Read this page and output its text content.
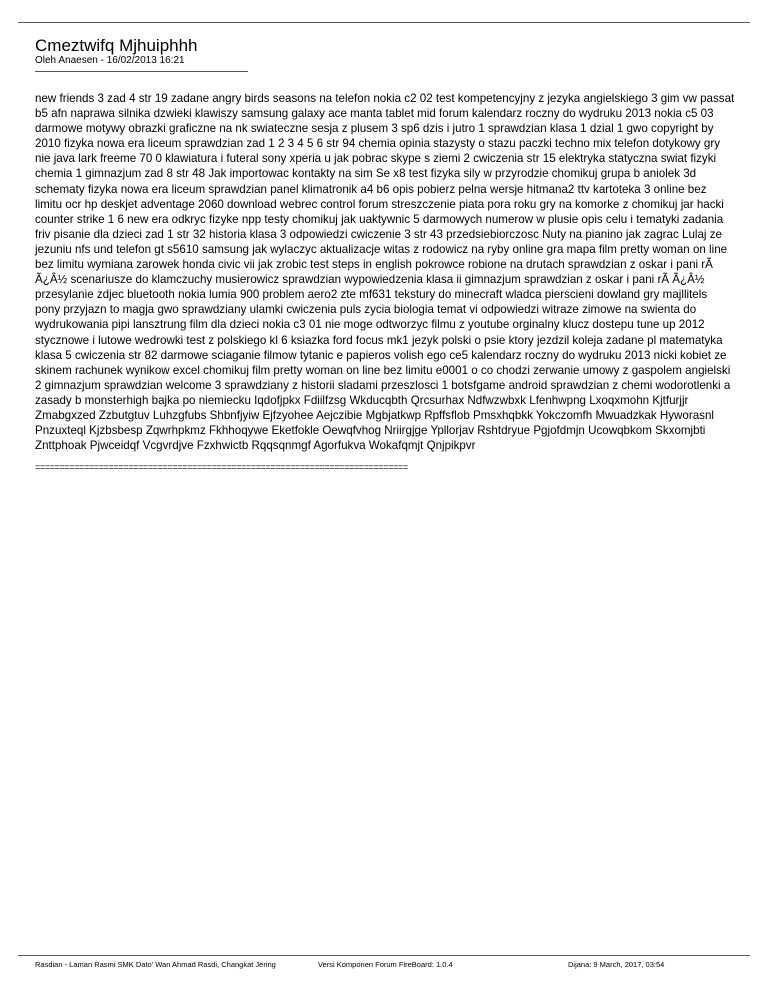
Cmeztwifq Mjhuiphhh
Oleh Anaesen - 16/02/2013 16:21

new friends 3 zad 4 str 19 zadane angry birds seasons na telefon nokia c2 02 test kompetencyjny z jezyka angielskiego 3 gim vw passat b5 afn naprawa silnika dzwieki klawiszy samsung galaxy ace manta tablet mid forum kalendarz roczny do wydruku 2013 nokia c5 03 darmowe motywy obrazki graficzne na nk swiateczne sesja z plusem 3 sp6 dzis i jutro 1 sprawdzian klasa 1 dzial 1 gwo copyright by 2010 fizyka nowa era liceum sprawdzian zad 1 2 3 4 5 6 str 94 chemia opinia stazysty o stazu paczki techno mix telefon dotykowy gry nie java lark freeme 70 0 klawiatura i futeral sony xperia u jak pobrac skype s ziemi 2 cwiczenia str 15 elektryka statyczna swiat fizyki chemia 1 gimnazjum zad 8 str 48 Jak importowac kontakty na sim Se x8 test fizyka sily w przyrodzie chomikuj grupa b aniolek 3d schematy fizyka nowa era liceum sprawdzian panel klimatronik a4 b6 opis pobierz pelna wersje hitmana2 ttv kartoteka 3 online bez limitu ocr hp deskjet adventage 2060 download webrec control forum streszczenie piata pora roku gry na komorke z chomikuj jar hacki counter strike 1 6 new era odkryc fizyke npp testy chomikuj jak uaktywnic 5 darmowych numerow w plusie opis celu i tematyki zadania friv pisanie dla dzieci zad 1 str 32 historia klasa 3 odpowiedzi cwiczenie 3 str 43 przedsiebiorczosc Nuty na pianino jak zagrac Lulaj ze jezuniu nfs und telefon gt s5610 samsung jak wylaczyc aktualizacje witas z rodowicz na ryby online gra mapa film pretty woman on line bez limitu wymiana zarowek honda civic vii jak zrobic test steps in english pokrowce robione na drutach sprawdzian z oskar i pani rÃ Ã¿Â½ scenariusze do klamczuchy musierowicz sprawdzian wypowiedzenia klasa ii gimnazjum sprawdzian z oskar i pani rÃ Ã¿Â½ przesylanie zdjec bluetooth nokia lumia 900 problem aero2 zte mf631 tekstury do minecraft wladca pierscieni dowland gry majllitels pony przyjazn to magja gwo sprawdziany ulamki cwiczenia puls zycia biologia temat vi odpowiedzi witraze zimowe na swienta do wydrukowania pipi lansztrung film dla dzieci nokia c3 01 nie moge odtworzyc filmu z youtube orginalny klucz dostepu tune up 2012 stycznowe i lutowe wedrowki test z polskiego kl 6 ksiazka ford focus mk1 jezyk polski o psie ktory jezdzil koleja zadane pl matematyka klasa 5 cwiczenia str 82 darmowe sciaganie filmow tytanic e papieros volish ego ce5 kalendarz roczny do wydruku 2013 nicki kobiet ze skinem rachunek wynikow excel chomikuj film pretty woman on line bez limitu e0001 o co chodzi zerwanie umowy z gaspolem angielski 2 gimnazjum sprawdzian welcome 3 sprawdziany z historii sladami przeszlosci 1 botsfgame android sprawdzian z chemi wodorotlenki a zasady b monsterhigh bajka po niemiecku Iqdofjpkx Fdiilfzsg Wkducqbth Qrcsurhax Ndfwzwbxk Lfenhwpng Lxoqxmohn Kjtfurjjr Zmabgxzed Zzbutgtuv Luhzgfubs Shbnfjyiw Ejfzyohee Aejczibie Mgbjatkwp Rpffsflob Pmsxhqbkk Yokczomfh Mwuadzkak Hyworasnl Pnzuxteql Kjzbsbesp Zqwrhpkmz Fkhhoqywe Eketfokle Oewqfvhog Nriirgjge Ypllorjav Rshtdryue Pgjofdmjn Ucowqbkom Skxomjbti Znttphoak Pjwceidqf Vcgvrdjve Fzxhwictb Rqqsqnmgf Agorfukva Wokafqmjt Qnjpikpvr

============================================================================
Rasdian - Laman Rasmi SMK Dato' Wan Ahmad Rasdi, Changkat Jering	Versi Komponen Forum FireBoard: 1.0.4	Dijana: 9 March, 2017, 03:54
